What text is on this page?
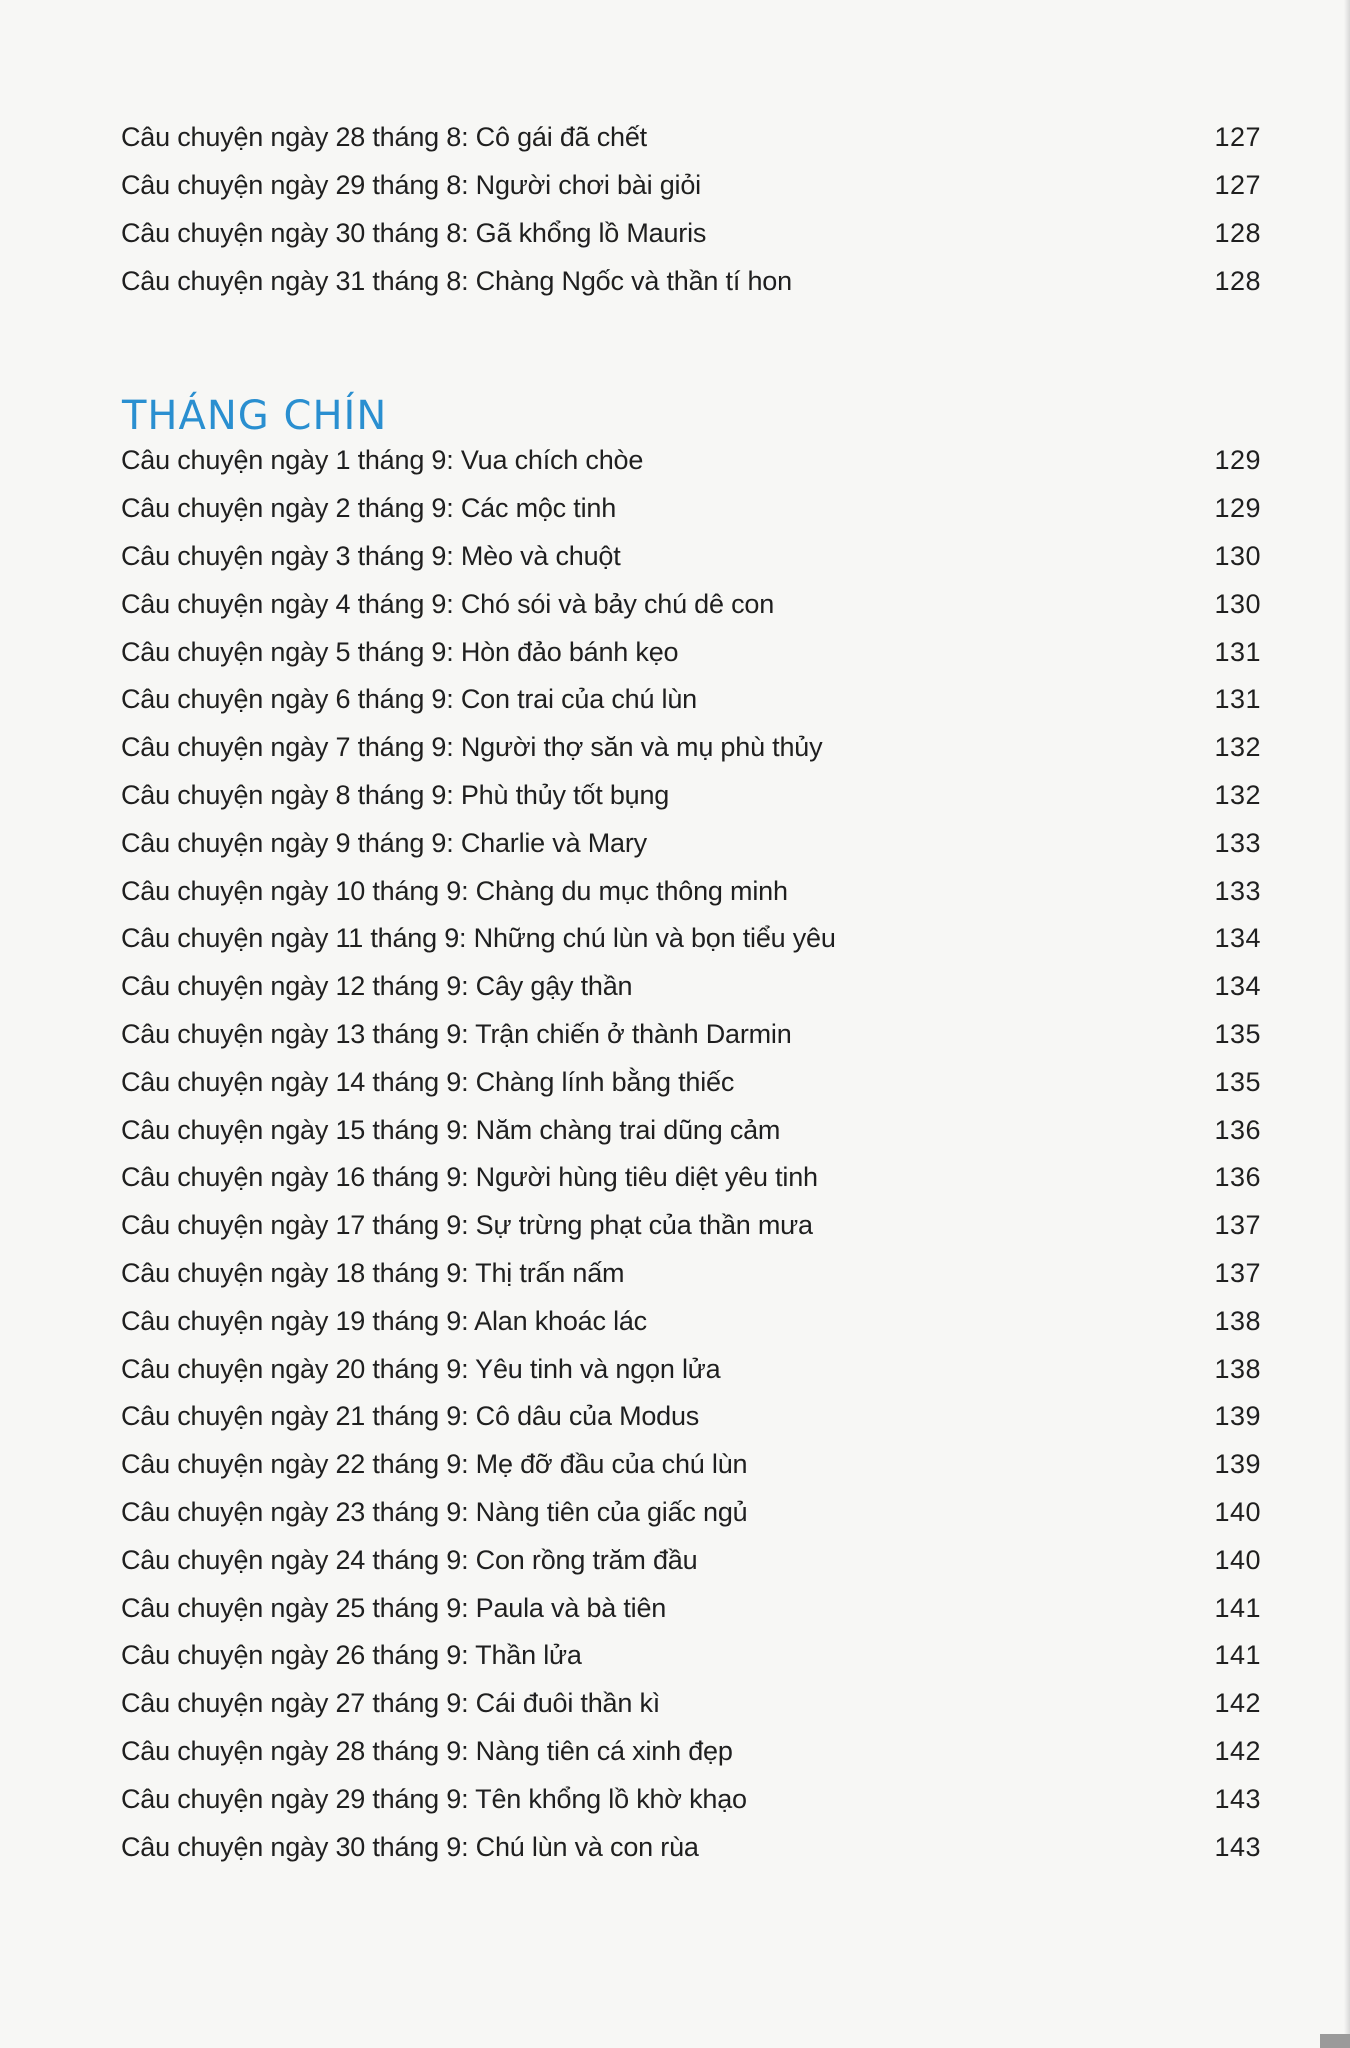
Câu chuyện ngày 28 tháng 8: Cô gái đã chết	127
Câu chuyện ngày 29 tháng 8: Người chơi bài giỏi	127
Câu chuyện ngày 30 tháng 8: Gã khổng lồ Mauris	128
Câu chuyện ngày 31 tháng 8: Chàng Ngốc và thần tí hon	128
THÁNG CHÍN
Câu chuyện ngày 1 tháng 9: Vua chích chòe	129
Câu chuyện ngày 2 tháng 9: Các mộc tinh	129
Câu chuyện ngày 3 tháng 9: Mèo và chuột	130
Câu chuyện ngày 4 tháng 9: Chó sói và bảy chú dê con	130
Câu chuyện ngày 5 tháng 9: Hòn đảo bánh kẹo	131
Câu chuyện ngày 6 tháng 9: Con trai của chú lùn	131
Câu chuyện ngày 7 tháng 9: Người thợ săn và mụ phù thủy	132
Câu chuyện ngày 8 tháng 9: Phù thủy tốt bụng	132
Câu chuyện ngày 9 tháng 9: Charlie và Mary	133
Câu chuyện ngày 10 tháng 9: Chàng du mục thông minh	133
Câu chuyện ngày 11 tháng 9: Những chú lùn và bọn tiểu yêu	134
Câu chuyện ngày 12 tháng 9: Cây gậy thần	134
Câu chuyện ngày 13 tháng 9: Trận chiến ở thành Darmin	135
Câu chuyện ngày 14 tháng 9: Chàng lính bằng thiếc	135
Câu chuyện ngày 15 tháng 9: Năm chàng trai dũng cảm	136
Câu chuyện ngày 16 tháng 9: Người hùng tiêu diệt yêu tinh	136
Câu chuyện ngày 17 tháng 9: Sự trừng phạt của thần mưa	137
Câu chuyện ngày 18 tháng 9: Thị trấn nấm	137
Câu chuyện ngày 19 tháng 9: Alan khoác lác	138
Câu chuyện ngày 20 tháng 9: Yêu tinh và ngọn lửa	138
Câu chuyện ngày 21 tháng 9: Cô dâu của Modus	139
Câu chuyện ngày 22 tháng 9: Mẹ đỡ đầu của chú lùn	139
Câu chuyện ngày 23 tháng 9: Nàng tiên của giấc ngủ	140
Câu chuyện ngày 24 tháng 9: Con rồng trăm đầu	140
Câu chuyện ngày 25 tháng 9: Paula và bà tiên	141
Câu chuyện ngày 26 tháng 9: Thần lửa	141
Câu chuyện ngày 27 tháng 9: Cái đuôi thần kì	142
Câu chuyện ngày 28 tháng 9: Nàng tiên cá xinh đẹp	142
Câu chuyện ngày 29 tháng 9: Tên khổng lồ khờ khạo	143
Câu chuyện ngày 30 tháng 9: Chú lùn và con rùa	143
